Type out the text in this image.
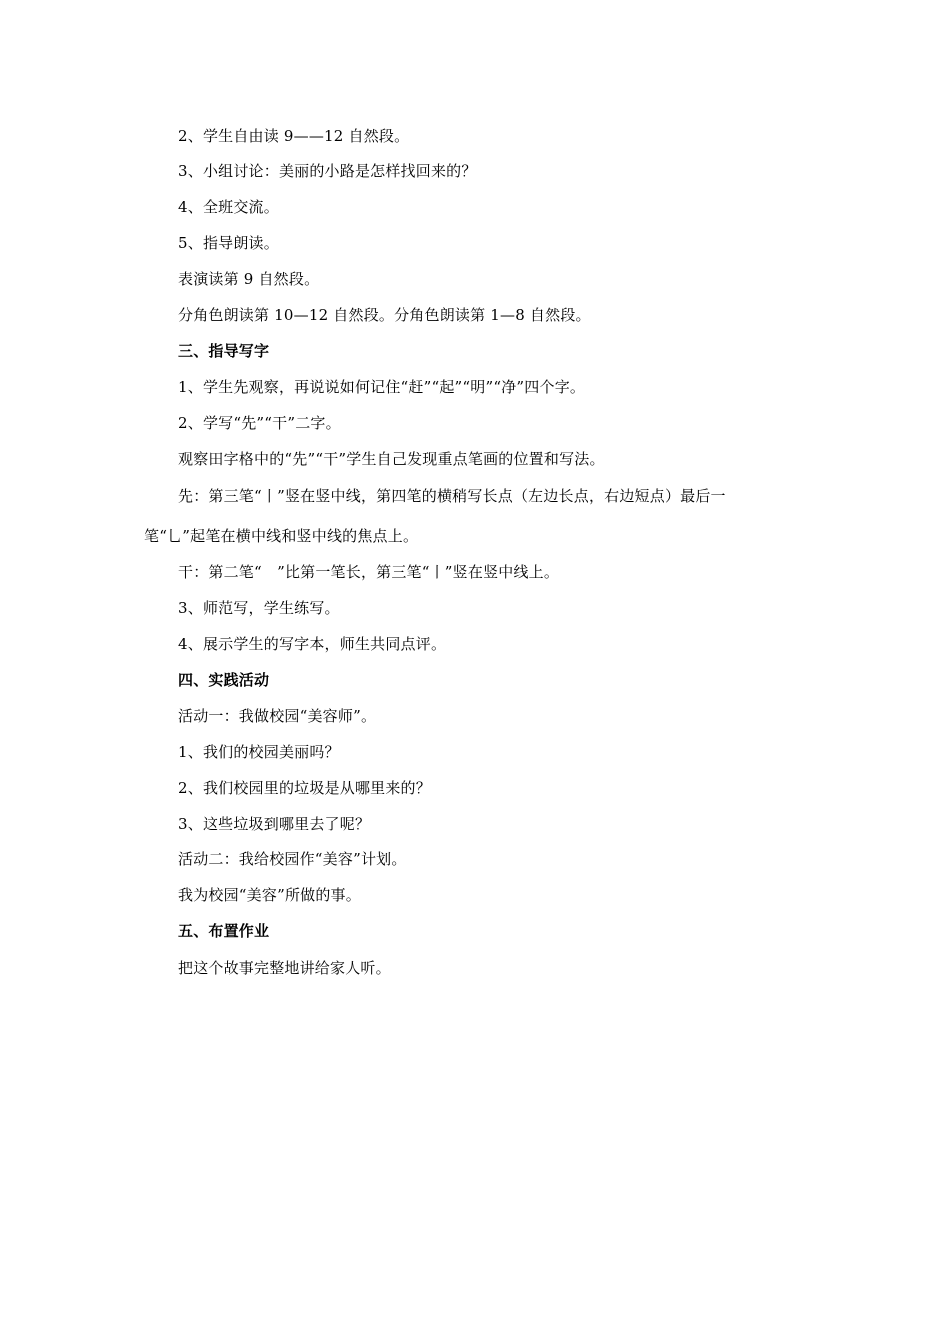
2、学生自由读 9——12 自然段。
3、小组讨论：美丽的小路是怎样找回来的？
4、全班交流。
5、指导朗读。
表演读第 9 自然段。
分角色朗读第 10—12 自然段。分角色朗读第 1—8 自然段。
三、指导写字
1、学生先观察，再说说如何记住“赶”“起”“明”“净”四个字。
2、学写“先”“干”二字。
观察田字格中的“先”“干”学生自己发现重点笔画的位置和写法。
先：第三笔“丨”竖在竖中线，第四笔的横稍写长点（左边长点，右边短点）最后一
笔“乚”起笔在横中线和竖中线的焦点上。
干：第二笔“　”比第一笔长，第三笔“丨”竖在竖中线上。
3、师范写，学生练写。
4、展示学生的写字本，师生共同点评。
四、实践活动
活动一：我做校园“美容师”。
1、我们的校园美丽吗？
2、我们校园里的垃圾是从哪里来的？
3、这些垃圾到哪里去了呢？
活动二：我给校园作“美容”计划。
我为校园“美容”所做的事。
五、布置作业
把这个故事完整地讲给家人听。
